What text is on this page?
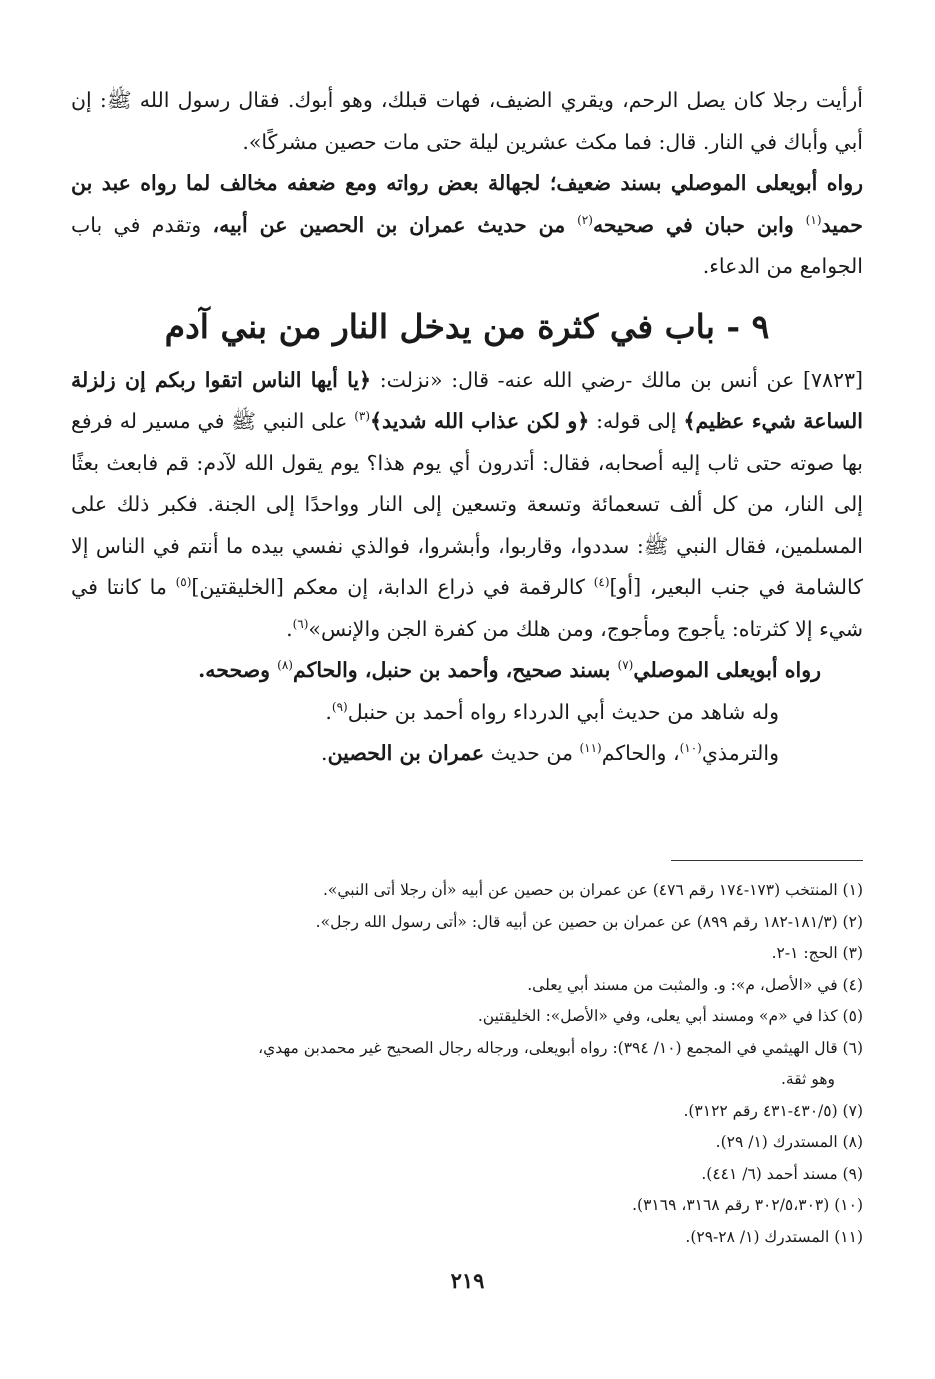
أرأيت رجلا كان يصل الرحم، ويقري الضيف، فهات قبلك، وهو أبوك. فقال رسول الله ﷺ: إن أبي وأباك في النار. قال: فما مكث عشرين ليلة حتى مات حصين مشركًا».

رواه أبويعلى الموصلي بسند ضعيف؛ لجهالة بعض رواته ومع ضعفه مخالف لما رواه عبد بن حميد$^{(١)}$ وابن حبان في صحيحه$^{(٢)}$ من حديث عمران بن الحصين عن أبيه، وتقدم في باب الجوامع من الدعاء.

٩ - باب في كثرة من يدخل النار من بني آدم

[٧٨٢٣] عن أنس بن مالك -رضي الله عنه- قال: «نزلت: ﴿يا أيها الناس اتقوا ربكم إن زلزلة الساعة شيء عظيم﴾ إلى قوله: ﴿و لكن عذاب الله شديد﴾$^{(٣)}$ على النبي ﷺ في مسير له فرفع بها صوته حتى ثاب إليه أصحابه، فقال: أتدرون أي يوم هذا؟ يوم يقول الله لآدم: قم فابعث بعثًا إلى النار، من كل ألف تسعمائة وتسعة وتسعين إلى النار وواحدًا إلى الجنة. فكبر ذلك على المسلمين، فقال النبي ﷺ: سددوا، وقاربوا، وأبشروا، فوالذي نفسي بيده ما أنتم في الناس إلا كالشامة في جنب البعير، [أو]$^{(٤)}$ كالرقمة في ذراع الدابة، إن معكم [الخليقتين]$^{(٥)}$ ما كانتا في شيء إلا كثرتاه: يأجوج ومأجوج، ومن هلك من كفرة الجن والإنس»$^{(٦)}$.

رواه أبويعلى الموصلي$^{(٧)}$ بسند صحيح، وأحمد بن حنبل، والحاكم$^{(٨)}$ وصححه.

وله شاهد من حديث أبي الدرداء رواه أحمد بن حنبل$^{(٩)}$.

والترمذي$^{(١٠)}$، والحاكم$^{(١١)}$ من حديث عمران بن الحصين.

(١) المنتخب (١٧٣-١٧٤ رقم ٤٧٦) عن عمران بن حصين عن أبيه «أن رجلا أتى النبي».

(٢) (١٨١/٣-١٨٢ رقم ٨٩٩) عن عمران بن حصين عن أبيه قال: «أتى رسول الله رجل».

(٣) الحج: ١-٢.

(٤) في «الأصل، م»: و. والمثبت من مسند أبي يعلى.

(٥) كذا في «م» ومسند أبي يعلى، وفي «الأصل»: الخليقتين.

(٦) قال الهيثمي في المجمع (١٠/ ٣٩٤): رواه أبويعلى، ورجاله رجال الصحيح غير محمدبن مهدي،

وهو ثقة.

(٧) (٤٣٠/٥-٤٣١ رقم ٣١٢٢).

(٨) المستدرك (١/ ٢٩).

(٩) مسند أحمد (٦/ ٤٤١).

(١٠) (٣٠٢/٥،٣٠٣ رقم ٣١٦٨، ٣١٦٩).

(١١) المستدرك (١/ ٢٨-٢٩).

٢١٩
